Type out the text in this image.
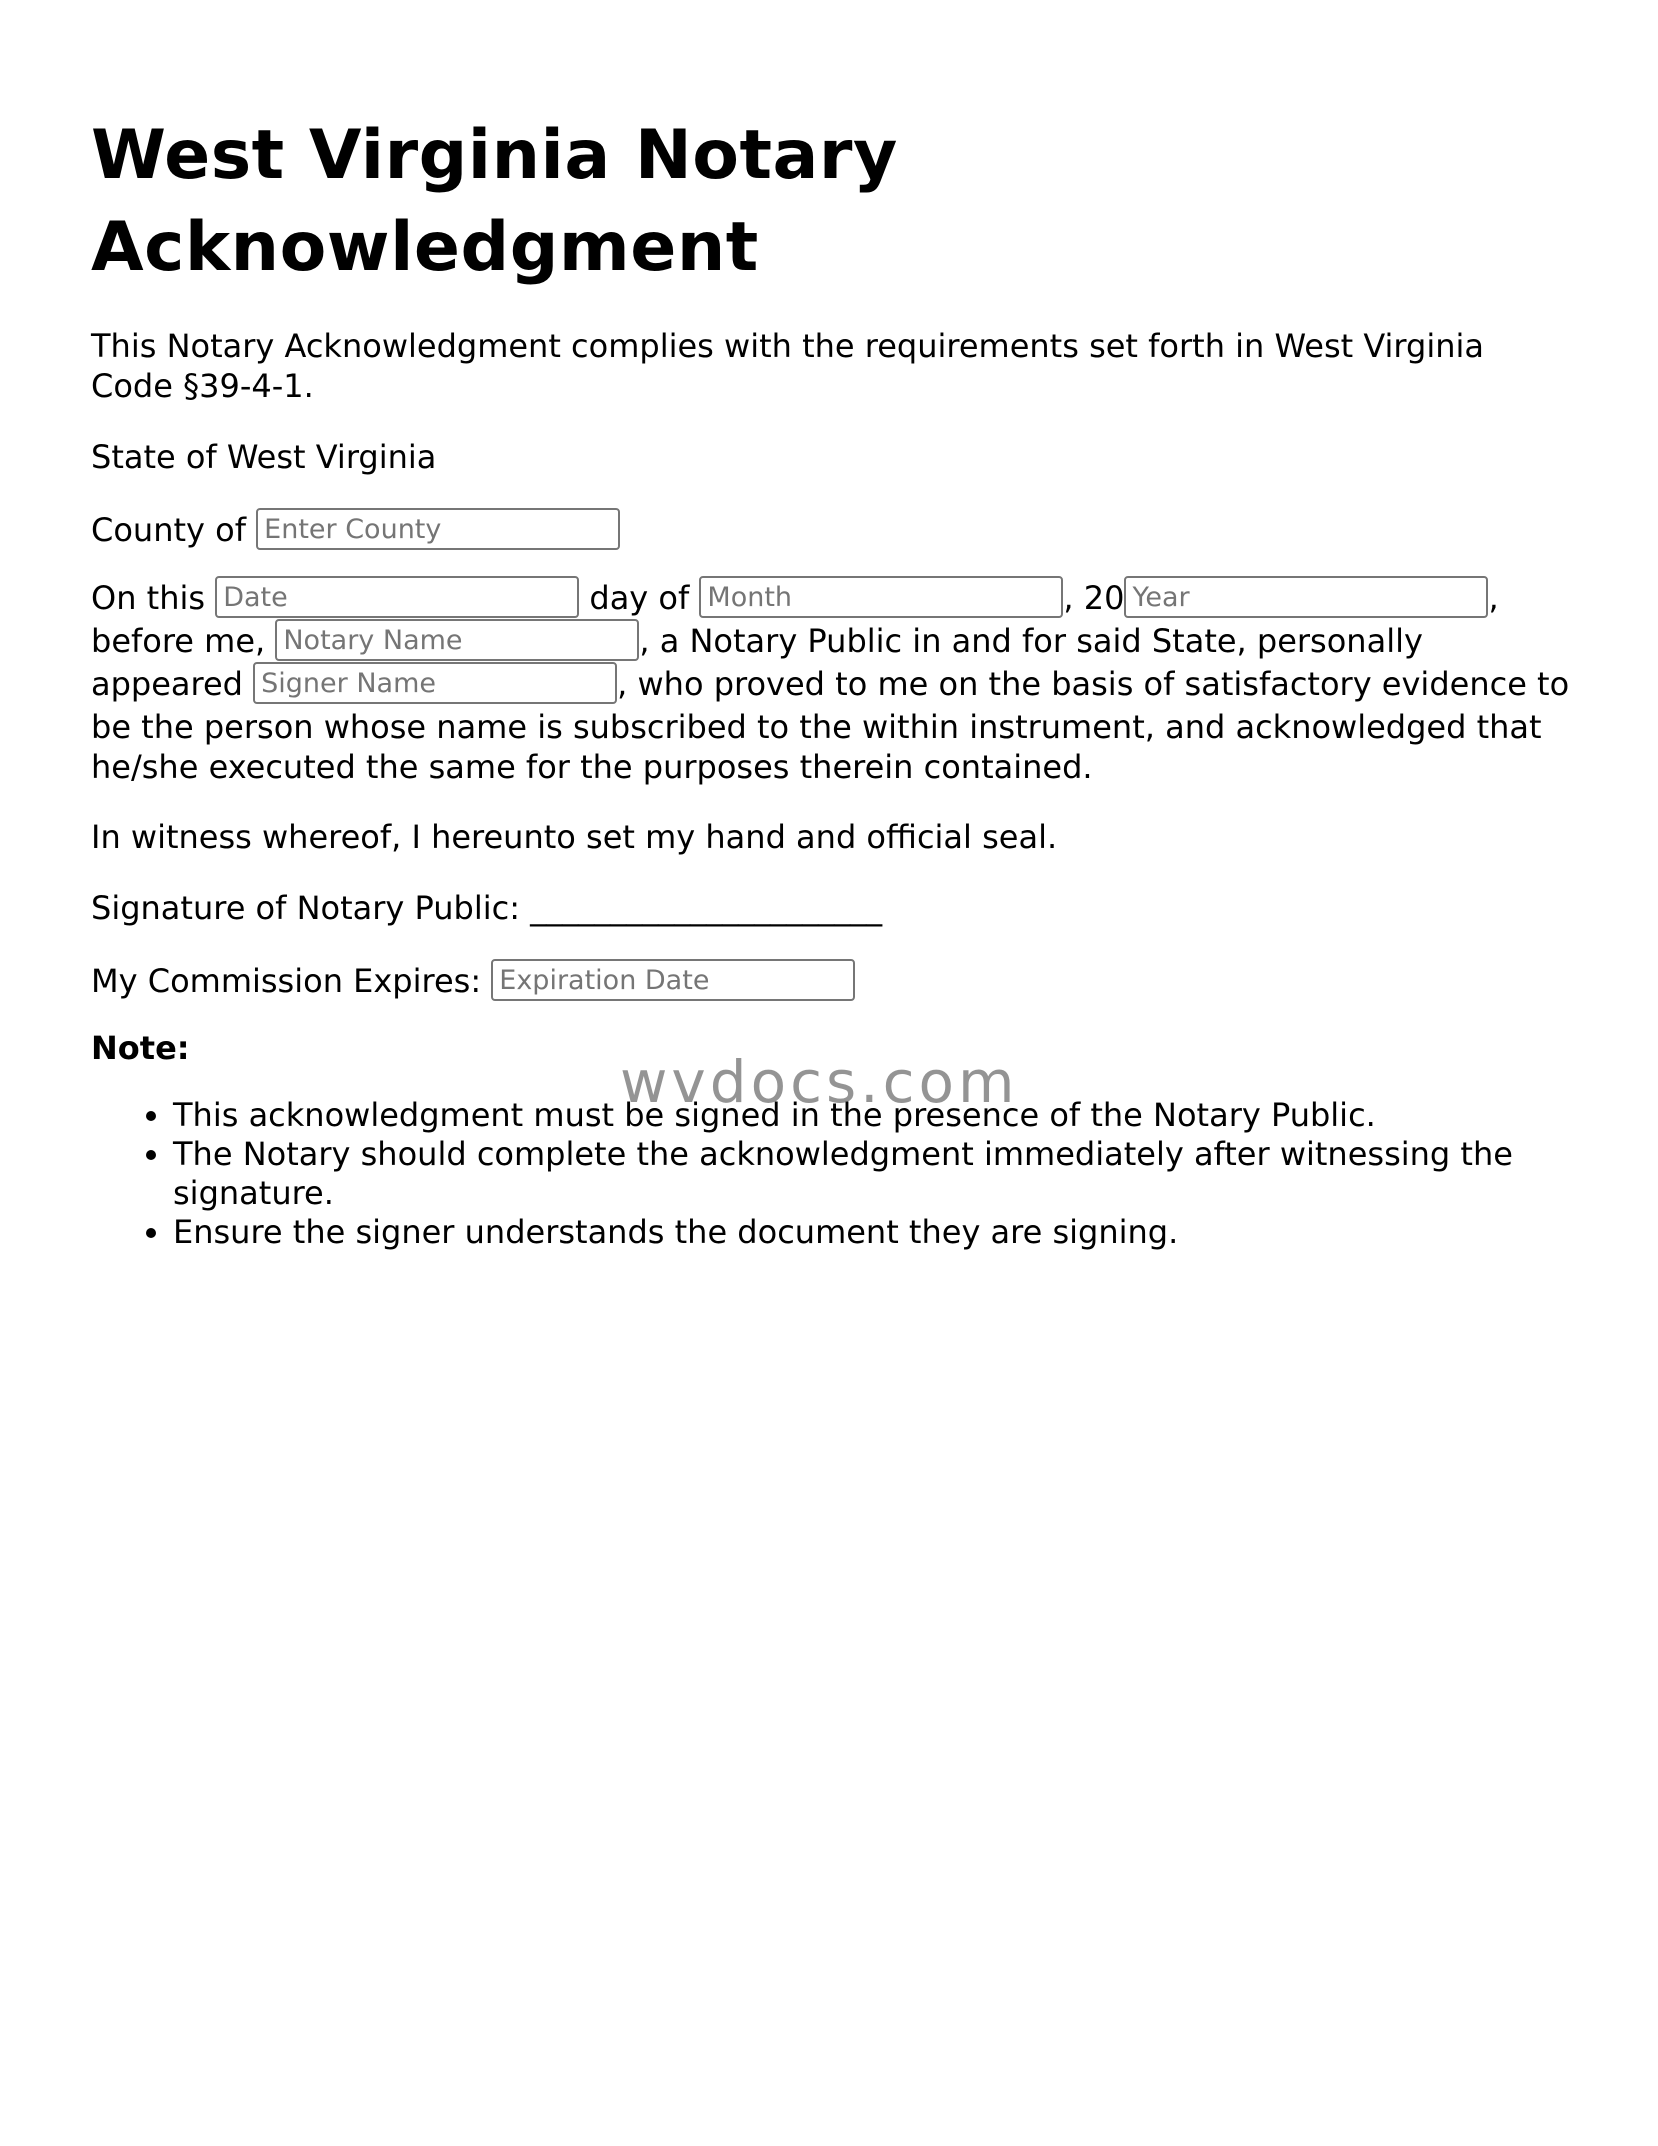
West Virginia Notary Acknowledgment

This Notary Acknowledgment complies with the requirements set forth in West Virginia Code §39-4-1.

State of West Virginia

County of Enter County

On this Date	day of Month	, 20Year	, before me, Notary Name	, a Notary Public in and for said State, personally appeared Signer Name	, who proved to me on the basis of satisfactory evidence to be the person whose name is subscribed to the within instrument, and acknowledged that he/she executed the same for the purposes therein contained.

In witness whereof, I hereunto set my hand and official seal.

Signature of Notary Public: ______________________

My Commission Expires: Expiration Date

Note:

• This acknowledgment must be signed in the presence of the Notary Public.
• The Notary should complete the acknowledgment immediately after witnessing the signature.
• Ensure the signer understands the document they are signing.
wvdocs.com
